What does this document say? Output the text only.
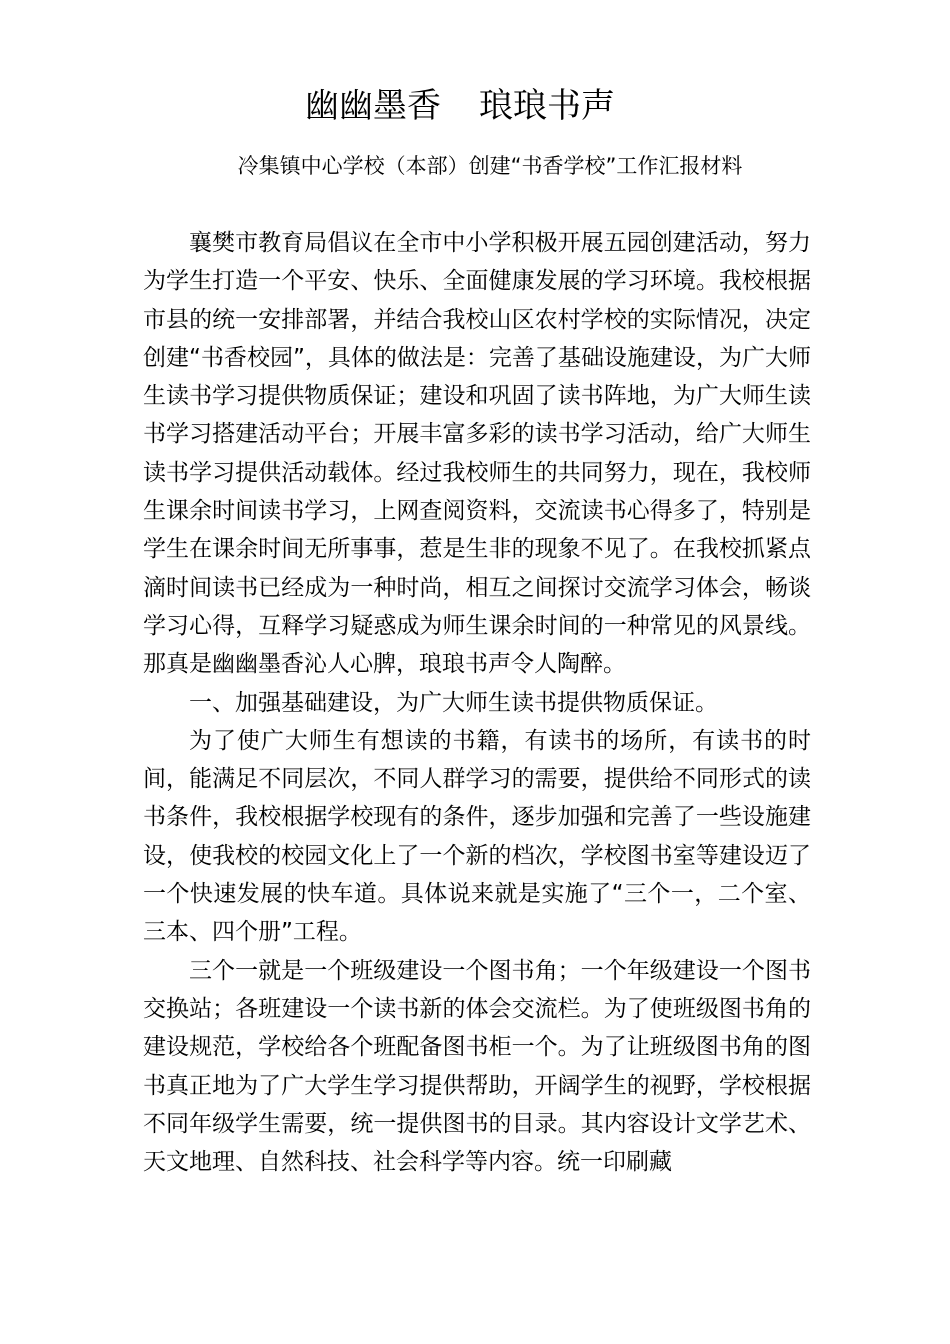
幽幽墨香 琅琅书声
冷集镇中心学校（本部）创建“书香学校”工作汇报材料

襄樊市教育局倡议在全市中小学积极开展五园创建活动，努力为学生打造一个平安、快乐、全面健康发展的学习环境。我校根据市县的统一安排部署，并结合我校山区农村学校的实际情况，决定创建“书香校园”，具体的做法是：完善了基础设施建设，为广大师生读书学习提供物质保证；建设和巩固了读书阵地，为广大师生读书学习搭建活动平台；开展丰富多彩的读书学习活动，给广大师生读书学习提供活动载体。经过我校师生的共同努力，现在，我校师生课余时间读书学习，上网查阅资料，交流读书心得多了，特别是学生在课余时间无所事事，惹是生非的现象不见了。在我校抓紧点滴时间读书已经成为一种时尚，相互之间探讨交流学习体会，畅谈学习心得，互释学习疑惑成为师生课余时间的一种常见的风景线。那真是幽幽墨香沁人心脾，琅琅书声令人陶醉。

一、加强基础建设，为广大师生读书提供物质保证。

为了使广大师生有想读的书籍，有读书的场所，有读书的时间，能满足不同层次，不同人群学习的需要，提供给不同形式的读书条件，我校根据学校现有的条件，逐步加强和完善了一些设施建设，使我校的校园文化上了一个新的档次，学校图书室等建设迈了一个快速发展的快车道。具体说来就是实施了“三个一，二个室、三本、四个册”工程。

三个一就是一个班级建设一个图书角；一个年级建设一个图书交换站；各班建设一个读书新的体会交流栏。为了使班级图书角的建设规范，学校给各个班配备图书柜一个。为了让班级图书角的图书真正地为了广大学生学习提供帮助，开阔学生的视野，学校根据不同年级学生需要，统一提供图书的目录。其内容设计文学艺术、天文地理、自然科技、社会科学等内容。统一印刷藏
